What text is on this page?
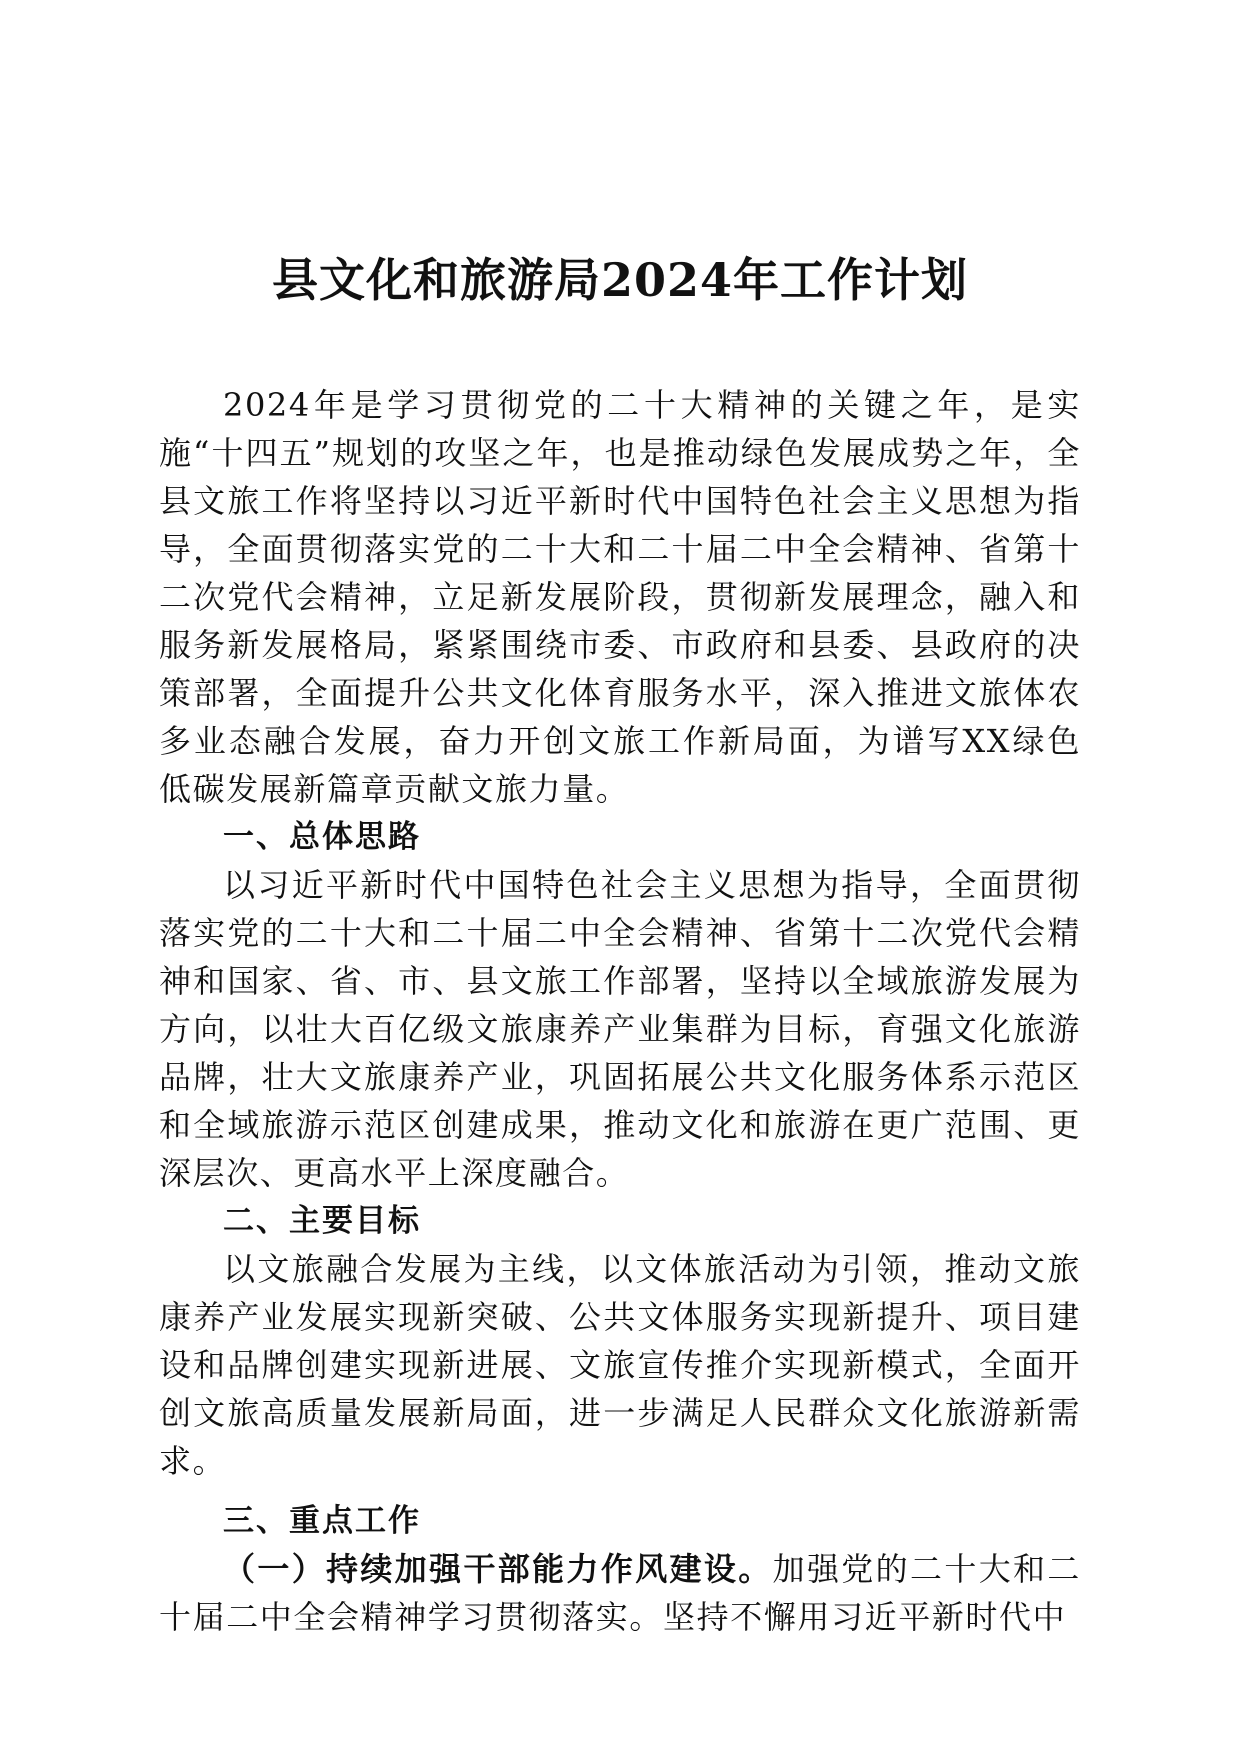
县文化和旅游局2024年工作计划

2024年是学习贯彻党的二十大精神的关键之年，是实施“十四五”规划的攻坚之年，也是推动绿色发展成势之年，全县文旅工作将坚持以习近平新时代中国特色社会主义思想为指导，全面贯彻落实党的二十大和二十届二中全会精神、省第十二次党代会精神，立足新发展阶段，贯彻新发展理念，融入和服务新发展格局，紧紧围绕市委、市政府和县委、县政府的决策部署，全面提升公共文化体育服务水平，深入推进文旅体农多业态融合发展，奋力开创文旅工作新局面，为谱写XX绿色低碳发展新篇章贡献文旅力量。

一、总体思路

以习近平新时代中国特色社会主义思想为指导，全面贯彻落实党的二十大和二十届二中全会精神、省第十二次党代会精神和国家、省、市、县文旅工作部署，坚持以全域旅游发展为方向，以壮大百亿级文旅康养产业集群为目标，育强文化旅游品牌，壮大文旅康养产业，巩固拓展公共文化服务体系示范区和全域旅游示范区创建成果，推动文化和旅游在更广范围、更深层次、更高水平上深度融合。

二、主要目标

以文旅融合发展为主线，以文体旅活动为引领，推动文旅康养产业发展实现新突破、公共文体服务实现新提升、项目建设和品牌创建实现新进展、文旅宣传推介实现新模式，全面开创文旅高质量发展新局面，进一步满足人民群众文化旅游新需求。

三、重点工作

（一）持续加强干部能力作风建设。加强党的二十大和二十届二中全会精神学习贯彻落实。坚持不懈用习近平新时代中
